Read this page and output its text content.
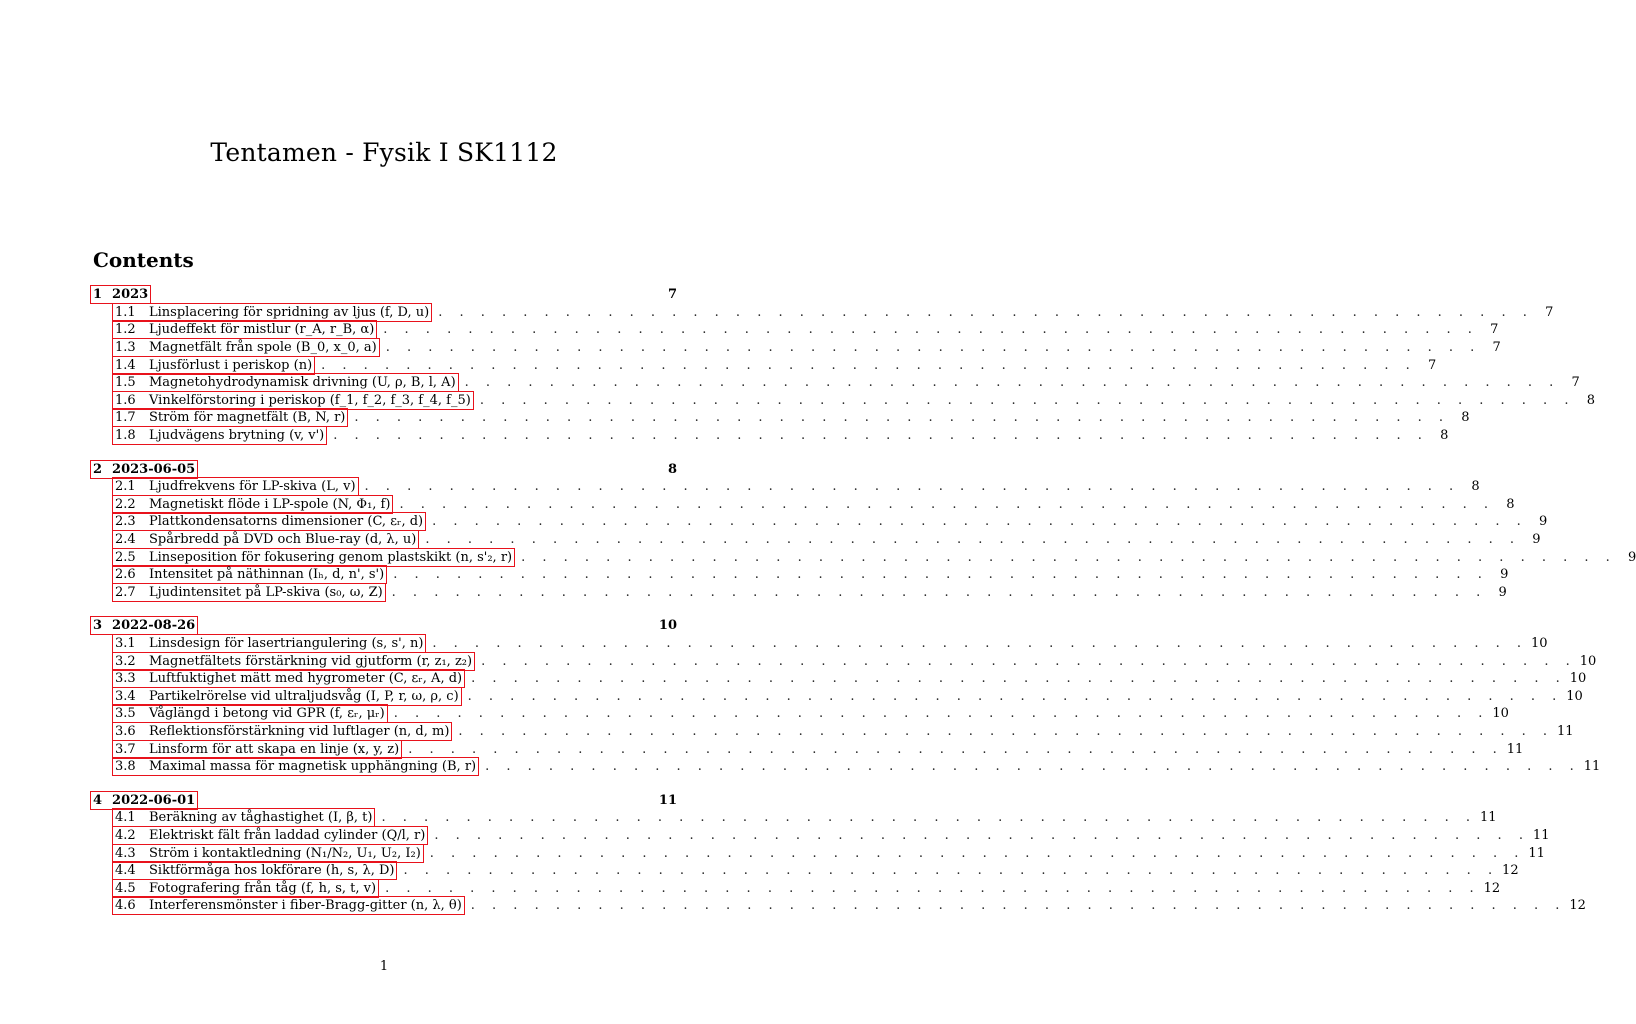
Tentamen - Fysik I SK1112
Contents
1 2023	7
1.1 Linsplacering för spridning av ljus (f, D, u) . . . . . . . . . . . . . . . . . . . . . . . . . . . . . . . . . . . . . . . . . . . . . . . . . . . . 7
1.2 Ljudeffekt för mistlur (r_A, r_B, α) . . . . . . . . . . . . . . . . . . . . . . . . . . . . . . . . . . . . . . . . . . . . . . . . . . . . 7
1.3 Magnetfält från spole (B_0, x_0, a) . . . . . . . . . . . . . . . . . . . . . . . . . . . . . . . . . . . . . . . . . . . . . . . . . . . . 7
1.4 Ljusförlust i periskop (n) . . . . . . . . . . . . . . . . . . . . . . . . . . . . . . . . . . . . . . . . . . . . . . . . . . . . 7
1.5 Magnetohydrodynamisk drivning (U, ρ, B, l, A) . . . . . . . . . . . . . . . . . . . . . . . . . . . . . . . . . . . . . . . . . . . . . . . . . . . . 7
1.6 Vinkelförstoring i periskop (f_1, f_2, f_3, f_4, f_5) . . . . . . . . . . . . . . . . . . . . . . . . . . . . . . . . . . . . . . . . . . . . . . . . . . . . 8
1.7 Ström för magnetfält (B, N, r) . . . . . . . . . . . . . . . . . . . . . . . . . . . . . . . . . . . . . . . . . . . . . . . . . . . . 8
1.8 Ljudvägens brytning (v, v') . . . . . . . . . . . . . . . . . . . . . . . . . . . . . . . . . . . . . . . . . . . . . . . . . . . . 8
2 2023-06-05	8
2.1 Ljudfrekvens för LP-skiva (L, v) . . . . . . . . . . . . . . . . . . . . . . . . . . . . . . . . . . . . . . . . . . . . . . . . . . . . 8
2.2 Magnetiskt flöde i LP-spole (N, Φ₁, f) . . . . . . . . . . . . . . . . . . . . . . . . . . . . . . . . . . . . . . . . . . . . . . . . . . . . 8
2.3 Plattkondensatorns dimensioner (C, εᵣ, d) . . . . . . . . . . . . . . . . . . . . . . . . . . . . . . . . . . . . . . . . . . . . . . . . . . . . 9
2.4 Spårbredd på DVD och Blue-ray (d, λ, u) . . . . . . . . . . . . . . . . . . . . . . . . . . . . . . . . . . . . . . . . . . . . . . . . . . . . 9
2.5 Linseposition för fokusering genom plastskikt (n, s'₂, r) . . . . . . . . . . . . . . . . . . . . . . . . . . . . . . . . . . . . . . . . . . . . . . . . . . . . 9
2.6 Intensitet på näthinnan (Iₕ, d, n', s') . . . . . . . . . . . . . . . . . . . . . . . . . . . . . . . . . . . . . . . . . . . . . . . . . . . . 9
2.7 Ljudintensitet på LP-skiva (s₀, ω, Z) . . . . . . . . . . . . . . . . . . . . . . . . . . . . . . . . . . . . . . . . . . . . . . . . . . . . 9
3 2022-08-26	10
3.1 Linsdesign för lasertriangulering (s, s', n) . . . . . . . . . . . . . . . . . . . . . . . . . . . . . . . . . . . . . . . . . . . . . . . . . . . . 10
3.2 Magnetfältets förstärkning vid gjutform (r, z₁, z₂) . . . . . . . . . . . . . . . . . . . . . . . . . . . . . . . . . . . . . . . . . . . . . . . . . . . . 10
3.3 Luftfuktighet mätt med hygrometer (C, εᵣ, A, d) . . . . . . . . . . . . . . . . . . . . . . . . . . . . . . . . . . . . . . . . . . . . . . . . . . . . 10
3.4 Partikelrörelse vid ultraljudsvåg (I, P, r, ω, ρ, c) . . . . . . . . . . . . . . . . . . . . . . . . . . . . . . . . . . . . . . . . . . . . . . . . . . . . 10
3.5 Våglängd i betong vid GPR (f, εᵣ, μᵣ) . . . . . . . . . . . . . . . . . . . . . . . . . . . . . . . . . . . . . . . . . . . . . . . . . . . . 10
3.6 Reflektionsförstärkning vid luftlager (n, d, m) . . . . . . . . . . . . . . . . . . . . . . . . . . . . . . . . . . . . . . . . . . . . . . . . . . . . 11
3.7 Linsform för att skapa en linje (x, y, z) . . . . . . . . . . . . . . . . . . . . . . . . . . . . . . . . . . . . . . . . . . . . . . . . . . . . 11
3.8 Maximal massa för magnetisk upphängning (B, r) . . . . . . . . . . . . . . . . . . . . . . . . . . . . . . . . . . . . . . . . . . . . . . . . . . . . 11
4 2022-06-01	11
4.1 Beräkning av tåghastighet (I, β, t) . . . . . . . . . . . . . . . . . . . . . . . . . . . . . . . . . . . . . . . . . . . . . . . . . . . . 11
4.2 Elektriskt fält från laddad cylinder (Q/l, r) . . . . . . . . . . . . . . . . . . . . . . . . . . . . . . . . . . . . . . . . . . . . . . . . . . . . 11
4.3 Ström i kontaktledning (N₁/N₂, U₁, U₂, I₂) . . . . . . . . . . . . . . . . . . . . . . . . . . . . . . . . . . . . . . . . . . . . . . . . . . . . 11
4.4 Siktförmåga hos lokförare (h, s, λ, D) . . . . . . . . . . . . . . . . . . . . . . . . . . . . . . . . . . . . . . . . . . . . . . . . . . . . 12
4.5 Fotografering från tåg (f, h, s, t, v) . . . . . . . . . . . . . . . . . . . . . . . . . . . . . . . . . . . . . . . . . . . . . . . . . . . . 12
4.6 Interferensmönster i fiber-Bragg-gitter (n, λ, θ) . . . . . . . . . . . . . . . . . . . . . . . . . . . . . . . . . . . . . . . . . . . . . . . . . . . . 12
1
